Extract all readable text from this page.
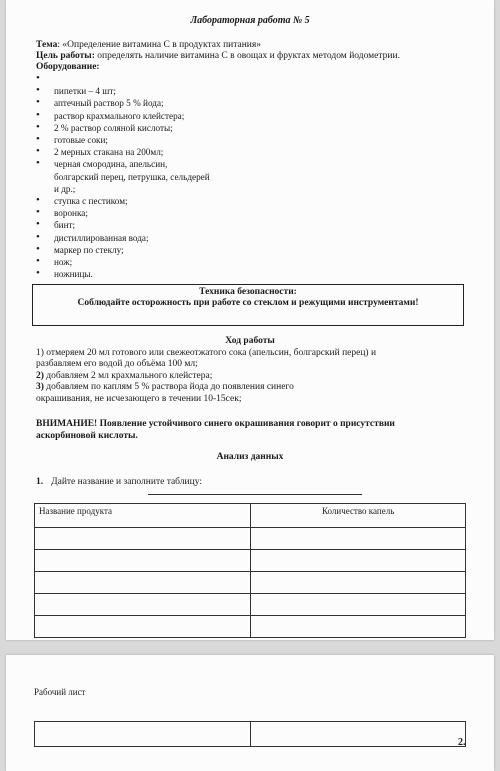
Лабораторная работа № 5
Тема: «Определение витамина С в продуктах питания»
Цель работы: определять наличие витамина С в овощах и фруктах методом йодометрии.
Оборудование:
•
• пипетки – 4 шт;
• аптечный раствор 5 % йода;
• раствор крахмального клейстера;
• 2 % раствор соляной кислоты;
• готовые соки;
• 2 мерных стакана на 200мл;
• черная смородина, апельсин,
болгарский перец, петрушка, сельдерей
и др.;
• ступка с пестиком;
• воронка;
• бинт;
• дистиллированная вода;
• маркер по стеклу;
• нож;
• ножницы.
Техника безопасности:
Соблюдайте осторожность при работе со стеклом и режущими инструментами!
Ход работы
1) отмеряем 20 мл готового или свежеотжатого сока (апельсин, болгарский перец) и
разбавляем его водой до объёма 100 мл;
2) добавляем 2 мл крахмального клейстера;
3) добавляем по каплям 5 % раствора йода до появления синего
окрашивания, не исчезающего в течении 10-15сек;
ВНИМАНИЕ! Появление устойчивого синего окрашивания говорит о присутствии
аскорбиновой кислоты.
Анализ данных
1. Дайте название и заполните таблицу:
Название продукта	Количество капель

Рабочий лист

2.
